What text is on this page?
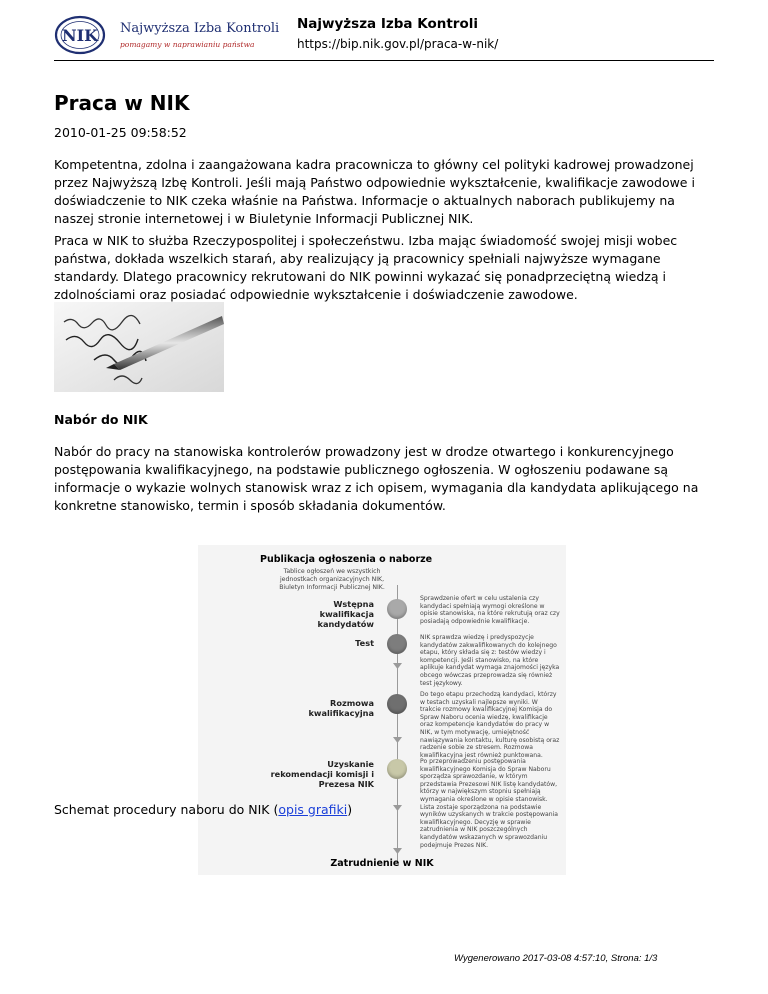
NIK Najwyższa Izba Kontroli
pomagamy w naprawianiu państwa
Najwyższa Izba Kontroli
https://bip.nik.gov.pl/praca-w-nik/
Praca w NIK
2010-01-25 09:58:52

Kompetentna, zdolna i zaangażowana kadra pracownicza to główny cel polityki kadrowej prowadzonej przez Najwyższą Izbę Kontroli. Jeśli mają Państwo odpowiednie wykształcenie, kwalifikacje zawodowe i doświadczenie to NIK czeka właśnie na Państwa. Informacje o aktualnych naborach publikujemy na naszej stronie internetowej i w Biuletynie Informacji Publicznej NIK.

Praca w NIK to służba Rzeczypospolitej i społeczeństwu. Izba mając świadomość swojej misji wobec państwa, dokłada wszelkich starań, aby realizujący ją pracownicy spełniali najwyższe wymagane standardy. Dlatego pracownicy rekrutowani do NIK powinni wykazać się ponadprzeciętną wiedzą i zdolnościami oraz posiadać odpowiednie wykształcenie i doświadczenie zawodowe.

Nabór do NIK

Nabór do pracy na stanowiska kontrolerów prowadzony jest w drodze otwartego i konkurencyjnego postępowania kwalifikacyjnego, na podstawie publicznego ogłoszenia. W ogłoszeniu podawane są informacje o wykazie wolnych stanowisk wraz z ich opisem, wymagania dla kandydata aplikującego na konkretne stanowisko, termin i sposób składania dokumentów.

Publikacja ogłoszenia o naborze
Tablice ogłoszeń we wszystkich jednostkach organizacyjnych NIK, Biuletyn Informacji Publicznej NIK.
Wstępna kwalifikacja kandydatów
Test
Rozmowa kwalifikacyjna
Uzyskanie rekomendacji komisji i Prezesa NIK
Sprawdzenie ofert w celu ustalenia czy kandydaci spełniają wymogi określone w opisie stanowiska, na które rekrutują oraz czy posiadają odpowiednie kwalifikacje.
NIK sprawdza wiedzę i predyspozycje kandydatów zakwalifikowanych do kolejnego etapu, który składa się z: testów wiedzy i kompetencji. Jeśli stanowisko, na które aplikuje kandydat wymaga znajomości języka obcego wówczas przeprowadza się również test językowy.
Do tego etapu przechodzą kandydaci, którzy w testach uzyskali najlepsze wyniki. W trakcie rozmowy kwalifikacyjnej Komisja do Spraw Naboru ocenia wiedzę, kwalifikacje oraz kompetencje kandydatów do pracy w NIK, w tym motywację, umiejętność nawiązywania kontaktu, kulturę osobistą oraz radzenie sobie ze stresem. Rozmowa kwalifikacyjna jest również punktowana.
Po przeprowadzeniu postępowania kwalifikacyjnego Komisja do Spraw Naboru sporządza sprawozdanie, w którym przedstawia Prezesowi NIK listę kandydatów, którzy w największym stopniu spełniają wymagania określone w opisie stanowisk. Lista zostaje sporządzona na podstawie wyników uzyskanych w trakcie postępowania kwalifikacyjnego. Decyzję w sprawie zatrudnienia w NIK poszczególnych kandydatów wskazanych w sprawozdaniu podejmuje Prezes NIK.
Zatrudnienie w NIK
Schemat procedury naboru do NIK (opis grafiki)
Wygenerowano 2017-03-08 4:57:10, Strona: 1/3
